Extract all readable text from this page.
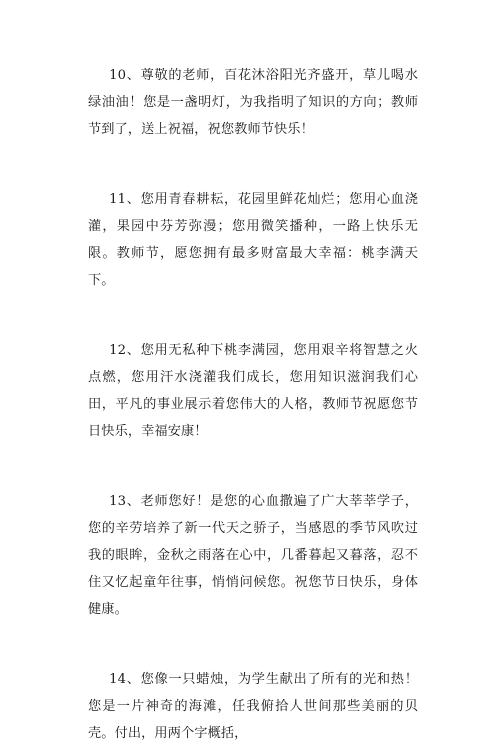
10、尊敬的老师，百花沐浴阳光齐盛开，草儿喝水绿油油！您是一盏明灯，为我指明了知识的方向；教师节到了，送上祝福，祝您教师节快乐！

11、您用青春耕耘，花园里鲜花灿烂；您用心血浇灌，果园中芬芳弥漫；您用微笑播种，一路上快乐无限。教师节，愿您拥有最多财富最大幸福：桃李满天下。

12、您用无私种下桃李满园，您用艰辛将智慧之火点燃，您用汗水浇灌我们成长，您用知识滋润我们心田，平凡的事业展示着您伟大的人格，教师节祝愿您节日快乐，幸福安康！

13、老师您好！是您的心血撒遍了广大莘莘学子，您的辛劳培养了新一代天之骄子，当感恩的季节风吹过我的眼眸，金秋之雨落在心中，几番暮起又暮落，忍不住又忆起童年往事，悄悄问候您。祝您节日快乐，身体健康。

14、您像一只蜡烛，为学生献出了所有的光和热！您是一片神奇的海滩，任我俯拾人世间那些美丽的贝壳。付出，用两个字概括，
